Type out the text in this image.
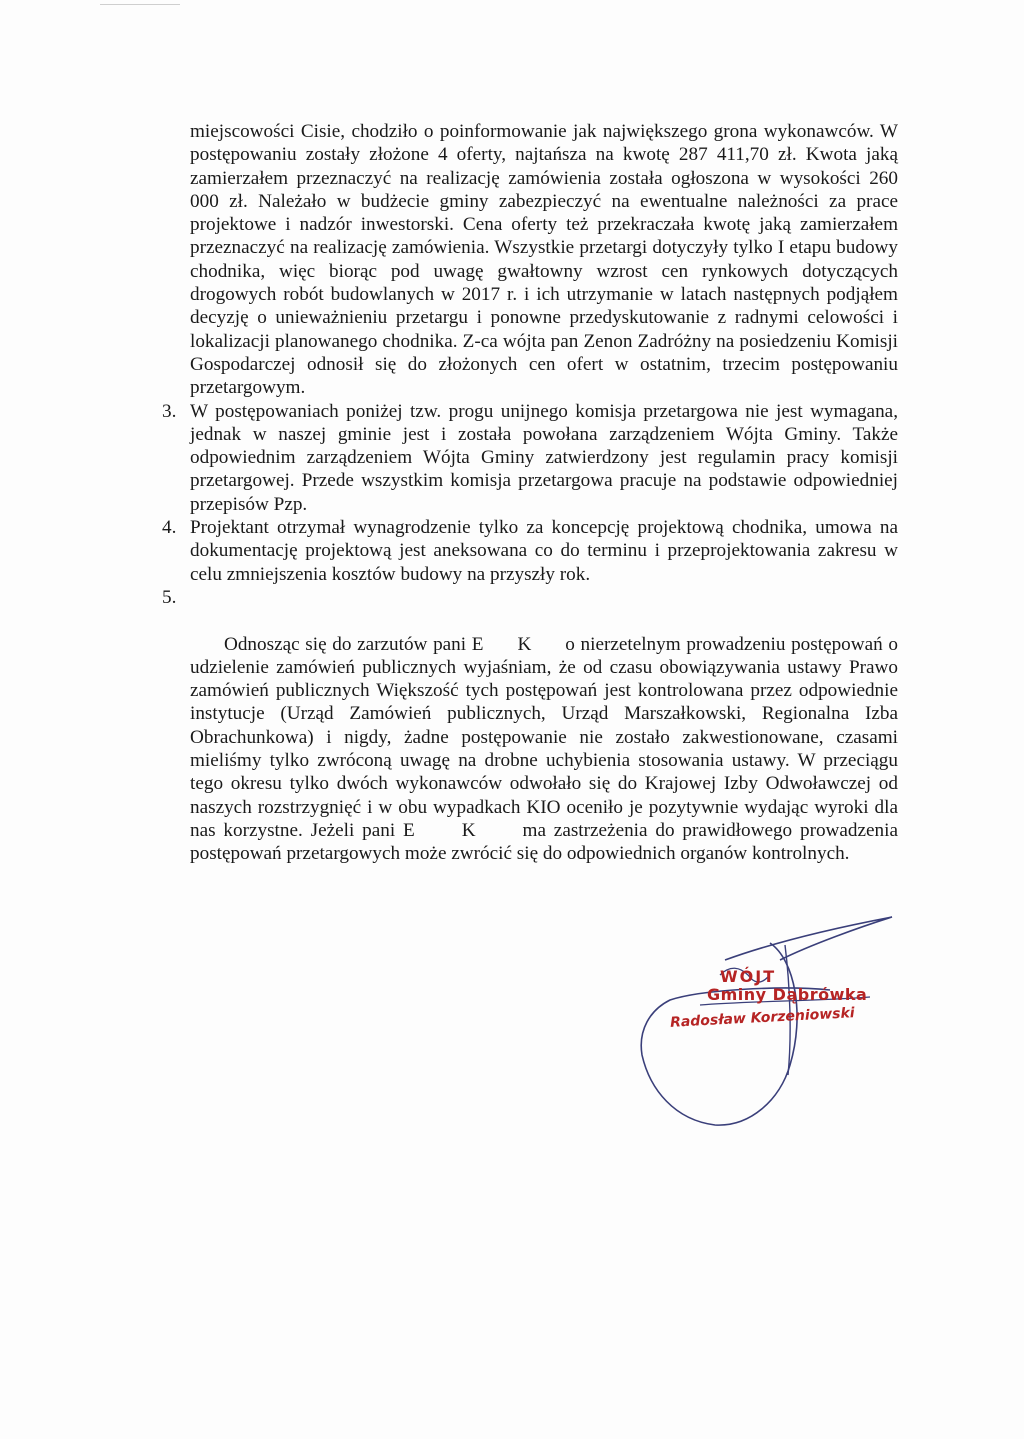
miejscowości Cisie, chodziło o poinformowanie jak największego grona wykonawców. W postępowaniu zostały złożone 4 oferty, najtańsza na kwotę 287 411,70 zł. Kwota jaką zamierzałem przeznaczyć na realizację zamówienia została ogłoszona w wysokości 260 000 zł. Należało w budżecie gminy zabezpieczyć na ewentualne należności za prace projektowe i nadzór inwestorski. Cena oferty też przekraczała kwotę jaką zamierzałem przeznaczyć na realizację zamówienia. Wszystkie przetargi dotyczyły tylko I etapu budowy chodnika, więc biorąc pod uwagę gwałtowny wzrost cen rynkowych dotyczących drogowych robót budowlanych w 2017 r. i ich utrzymanie w latach następnych podjąłem decyzję o unieważnieniu przetargu i ponowne przedyskutowanie z radnymi celowości i lokalizacji planowanego chodnika. Z-ca wójta pan Zenon Zadróżny na posiedzeniu Komisji Gospodarczej odnosił się do złożonych cen ofert w ostatnim, trzecim postępowaniu przetargowym.

3. W postępowaniach poniżej tzw. progu unijnego komisja przetargowa nie jest wymagana, jednak w naszej gminie jest i została powołana zarządzeniem Wójta Gminy. Także odpowiednim zarządzeniem Wójta Gminy zatwierdzony jest regulamin pracy komisji przetargowej. Przede wszystkim komisja przetargowa pracuje na podstawie odpowiedniej przepisów Pzp.
4. Projektant otrzymał wynagrodzenie tylko za koncepcję projektową chodnika, umowa na dokumentację projektową jest aneksowana co do terminu i przeprojektowania zakresu w celu zmniejszenia kosztów budowy na przyszły rok.

5.

Odnosząc się do zarzutów pani E      K      o nierzetelnym prowadzeniu postępowań o udzielenie zamówień publicznych wyjaśniam, że od czasu obowiązywania ustawy Prawo zamówień publicznych Większość tych postępowań jest kontrolowana przez odpowiednie instytucje (Urząd Zamówień publicznych, Urząd Marszałkowski, Regionalna Izba Obrachunkowa) i nigdy, żadne postępowanie nie zostało zakwestionowane, czasami mieliśmy tylko zwróconą uwagę na drobne uchybienia stosowania ustawy. W przeciągu tego okresu tylko dwóch wykonawców odwołało się do Krajowej Izby Odwoławczej od naszych rozstrzygnięć i w obu wypadkach KIO oceniło je pozytywnie wydając wyroki dla nas korzystne. Jeżeli pani E      K      ma zastrzeżenia do prawidłowego prowadzenia postępowań przetargowych może zwrócić się do odpowiednich organów kontrolnych.

WÓJT

Gminy Dąbrówka

Radosław Korzeniowski
